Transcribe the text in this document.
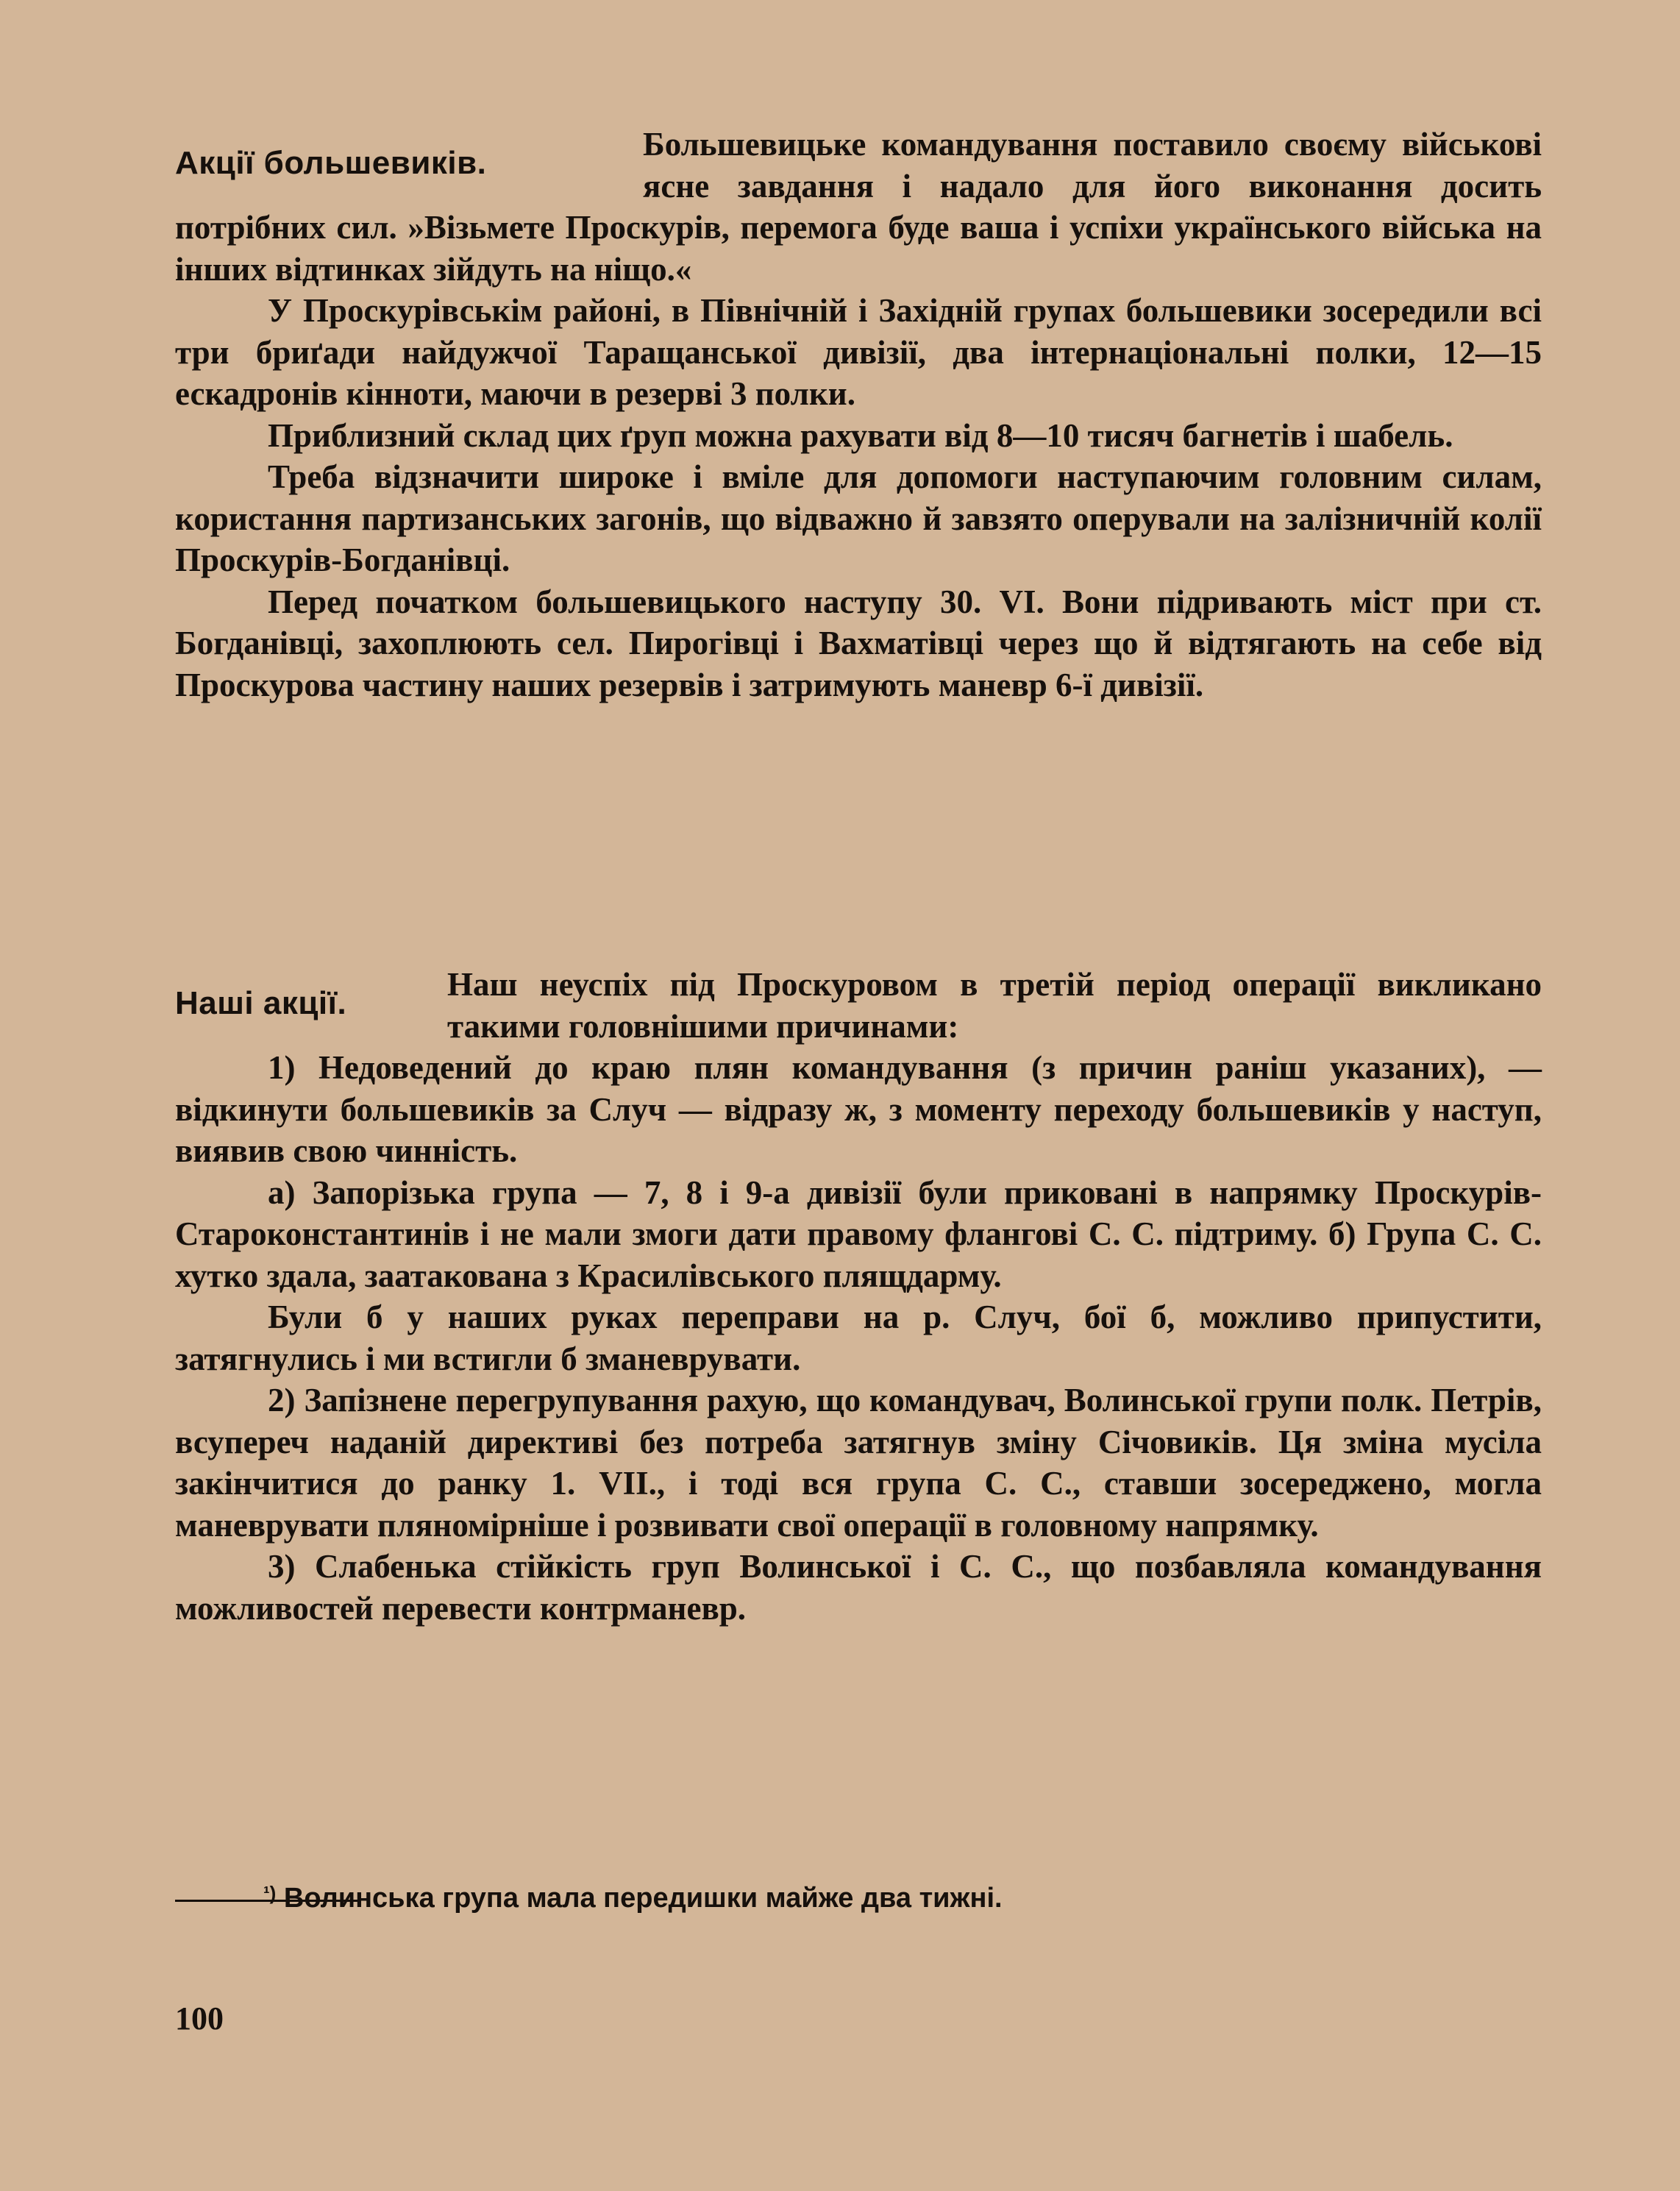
Акції большевиків.

Большевицьке командування поставило своєму військові ясне завдання і надало для його виконання досить потрібних сил. »Візьмете Проскурів, перемога буде ваша і успіхи українського війська на інших відтинках зійдуть на ніщо.«

У Проскурівськім районі, в Північній і Західній групах большевики зосередили всі три бриґади найдужчої Таращанської дивізії, два інтернаціональні полки, 12—15 ескадронів кінноти, маючи в резерві 3 полки.

Приблизний склад цих ґруп можна рахувати від 8—10 тисяч багнетів і шабель.

Треба відзначити широке і вміле для допомоги наступаючим головним силам, користання партизанських загонів, що відважно й завзято оперували на залізничній колії Проскурів-Богданівці.

Перед початком большевицького наступу 30. VI. Вони підривають міст при ст. Богданівці, захоплюють сел. Пирогівці і Вахматівці через що й відтягають на себе від Проскурова частину наших резервів і затримують маневр 6-ї дивізії.

Наші акції.

Наш неуспіх під Проскуровом в третій період операції викликано такими головнішими причинами:

1) Недоведений до краю плян командування (з причин раніш указаних), — відкинути большевиків за Случ — відразу ж, з моменту переходу большевиків у наступ, виявив свою чинність.

а) Запорізька група — 7, 8 і 9-а дивізії були приковані в напрямку Проскурів-Староконстантинів і не мали змоги дати правому флангові С. С. підтриму. б) Група С. С. хутко здала, заатакована з Красилівського плящдарму.

Були б у наших руках переправи на р. Случ, бої б, можливо припустити, затягнулись і ми встигли б зманеврувати.

2) Запізнене перегрупування рахую, що командувач, Волинської групи полк. Петрів, всупереч наданій директиві без потреба затягнув зміну Січовиків. Ця зміна мусіла закінчитися до ранку 1. VII., і тоді вся група С. С., ставши зосереджено, могла маневрувати пляномірніше і розвивати свої операції в головному напрямку.

3) Слабенька стійкість груп Волинської і С. С., що позбавляла командування можливостей перевести контрманевр.

$^{^1)}$ Волинська група мала передишки майже два тижні.
100
